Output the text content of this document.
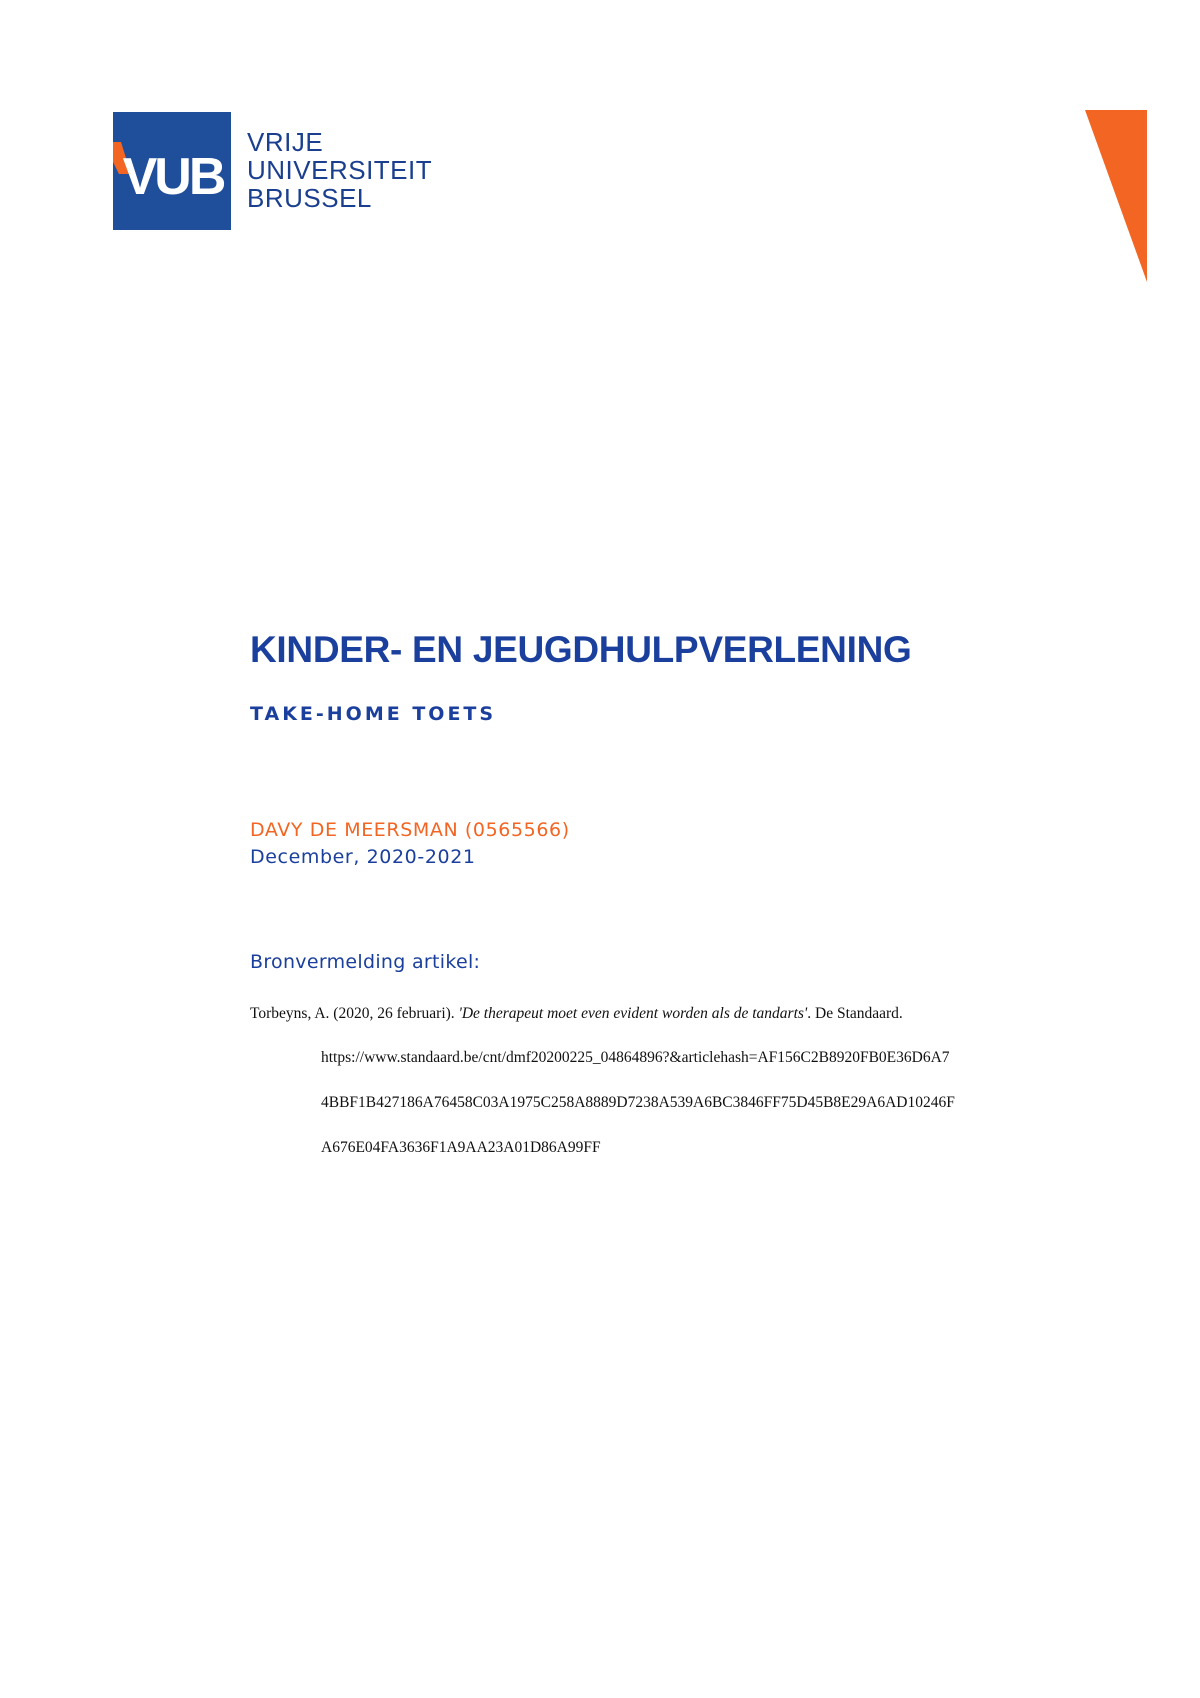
VUB
VRIJE
UNIVERSITEIT
BRUSSEL
KINDER- EN JEUGDHULPVERLENING
TAKE-HOME TOETS
DAVY DE MEERSMAN (0565566)
December, 2020-2021
Bronvermelding artikel:
Torbeyns, A. (2020, 26 februari). 'De therapeut moet even evident worden als de tandarts'. De Standaard.
https://www.standaard.be/cnt/dmf20200225_04864896?&articlehash=AF156C2B8920FB0E36D6A7
4BBF1B427186A76458C03A1975C258A8889D7238A539A6BC3846FF75D45B8E29A6AD10246F
A676E04FA3636F1A9AA23A01D86A99FF
